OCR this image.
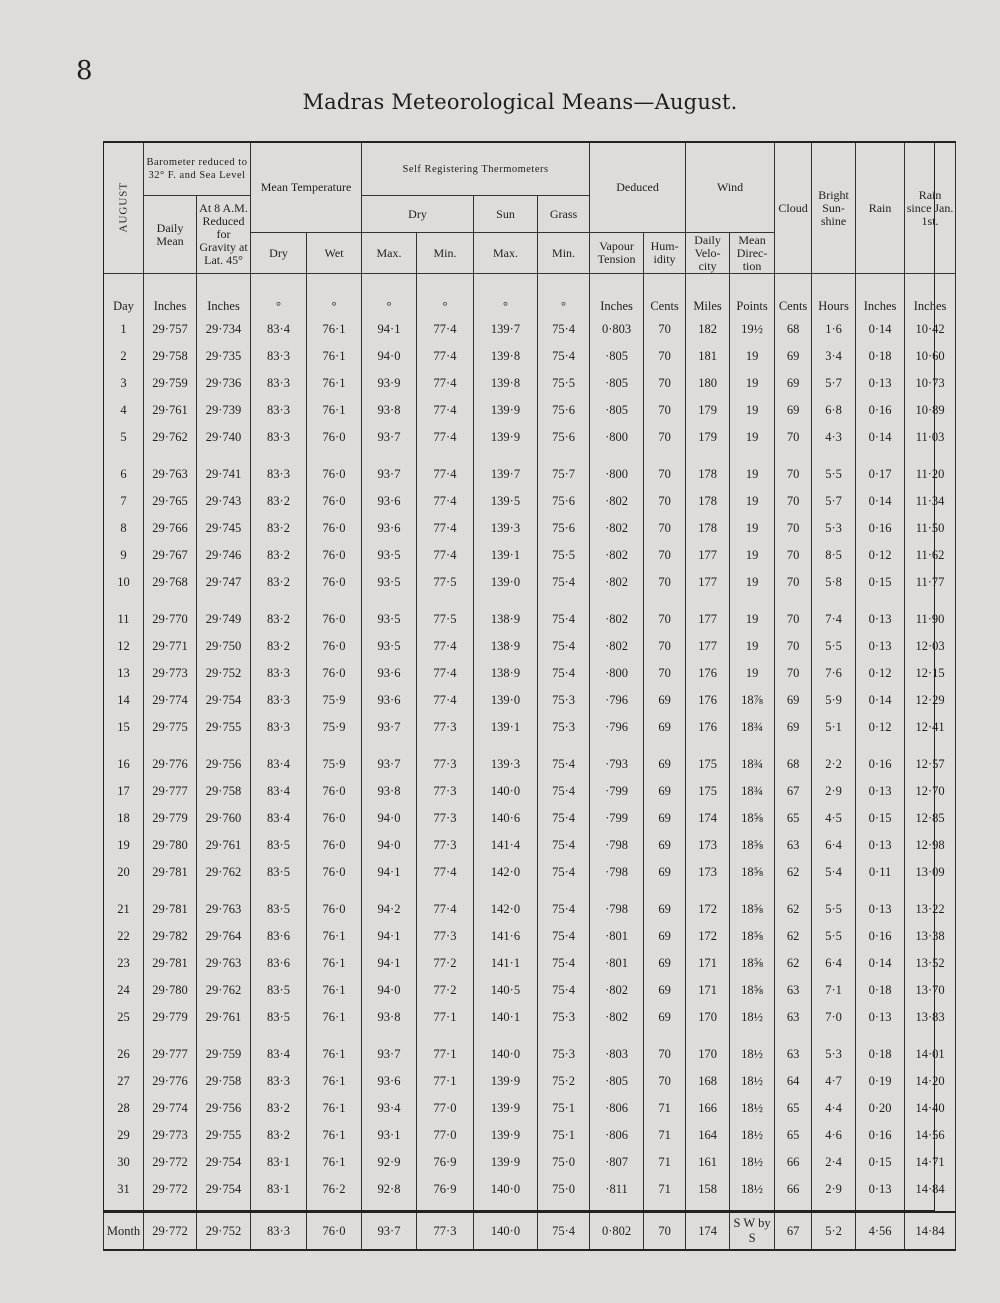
8
Madras Meteorological Means—August.
AUGUST	Barometer reduced to 32° F. and Sea Level		Mean Temperature		Self Registering Thermometers				Deduced		Wind		Cloud	Bright Sun-shine	Rain	Rain since Jan. 1st.
	Daily Mean	At 8 A.M. Reduced for Gravity at Lat. 45°			Dry		Sun	Grass								
			Dry	Wet	Max.	Min.	Max.	Min.	Vapour Tension	Hum-idity	Daily Velo-city	Mean Direc-tion				
Day	Inches	Inches	°	°	°	°	°	°	Inches	Cents	Miles	Points	Cents	Hours	Inches	Inches
1	29·757	29·734	83·4	76·1	94·1	77·4	139·7	75·4	0·803	70	182	19½	68	1·6	0·14	10·42
2	29·758	29·735	83·3	76·1	94·0	77·4	139·8	75·4	·805	70	181	19	69	3·4	0·18	10·60
3	29·759	29·736	83·3	76·1	93·9	77·4	139·8	75·5	·805	70	180	19	69	5·7	0·13	10·73
4	29·761	29·739	83·3	76·1	93·8	77·4	139·9	75·6	·805	70	179	19	69	6·8	0·16	10·89
5	29·762	29·740	83·3	76·0	93·7	77·4	139·9	75·6	·800	70	179	19	70	4·3	0·14	11·03
6	29·763	29·741	83·3	76·0	93·7	77·4	139·7	75·7	·800	70	178	19	70	5·5	0·17	11·20
7	29·765	29·743	83·2	76·0	93·6	77·4	139·5	75·6	·802	70	178	19	70	5·7	0·14	11·34
8	29·766	29·745	83·2	76·0	93·6	77·4	139·3	75·6	·802	70	178	19	70	5·3	0·16	11·50
9	29·767	29·746	83·2	76·0	93·5	77·4	139·1	75·5	·802	70	177	19	70	8·5	0·12	11·62
10	29·768	29·747	83·2	76·0	93·5	77·5	139·0	75·4	·802	70	177	19	70	5·8	0·15	11·77
11	29·770	29·749	83·2	76·0	93·5	77·5	138·9	75·4	·802	70	177	19	70	7·4	0·13	11·90
12	29·771	29·750	83·2	76·0	93·5	77·4	138·9	75·4	·802	70	177	19	70	5·5	0·13	12·03
13	29·773	29·752	83·3	76·0	93·6	77·4	138·9	75·4	·800	70	176	19	70	7·6	0·12	12·15
14	29·774	29·754	83·3	75·9	93·6	77·4	139·0	75·3	·796	69	176	18⅞	69	5·9	0·14	12·29
15	29·775	29·755	83·3	75·9	93·7	77·3	139·1	75·3	·796	69	176	18¾	69	5·1	0·12	12·41
16	29·776	29·756	83·4	75·9	93·7	77·3	139·3	75·4	·793	69	175	18¾	68	2·2	0·16	12·57
17	29·777	29·758	83·4	76·0	93·8	77·3	140·0	75·4	·799	69	175	18¾	67	2·9	0·13	12·70
18	29·779	29·760	83·4	76·0	94·0	77·3	140·6	75·4	·799	69	174	18⅝	65	4·5	0·15	12·85
19	29·780	29·761	83·5	76·0	94·0	77·3	141·4	75·4	·798	69	173	18⅝	63	6·4	0·13	12·98
20	29·781	29·762	83·5	76·0	94·1	77·4	142·0	75·4	·798	69	173	18⅝	62	5·4	0·11	13·09
21	29·781	29·763	83·5	76·0	94·2	77·4	142·0	75·4	·798	69	172	18⅝	62	5·5	0·13	13·22
22	29·782	29·764	83·6	76·1	94·1	77·3	141·6	75·4	·801	69	172	18⅝	62	5·5	0·16	13·38
23	29·781	29·763	83·6	76·1	94·1	77·2	141·1	75·4	·801	69	171	18⅝	62	6·4	0·14	13·52
24	29·780	29·762	83·5	76·1	94·0	77·2	140·5	75·4	·802	69	171	18⅝	63	7·1	0·18	13·70
25	29·779	29·761	83·5	76·1	93·8	77·1	140·1	75·3	·802	69	170	18½	63	7·0	0·13	13·83
26	29·777	29·759	83·4	76·1	93·7	77·1	140·0	75·3	·803	70	170	18½	63	5·3	0·18	14·01
27	29·776	29·758	83·3	76·1	93·6	77·1	139·9	75·2	·805	70	168	18½	64	4·7	0·19	14·20
28	29·774	29·756	83·2	76·1	93·4	77·0	139·9	75·1	·806	71	166	18½	65	4·4	0·20	14·40
29	29·773	29·755	83·2	76·1	93·1	77·0	139·9	75·1	·806	71	164	18½	65	4·6	0·16	14·56
30	29·772	29·754	83·1	76·1	92·9	76·9	139·9	75·0	·807	71	161	18½	66	2·4	0·15	14·71
31	29·772	29·754	83·1	76·2	92·8	76·9	140·0	75·0	·811	71	158	18½	66	2·9	0·13	14·84
Month	29·772	29·752	83·3	76·0	93·7	77·3	140·0	75·4	0·802	70	174	S W by S	67	5·2	4·56	14·84
